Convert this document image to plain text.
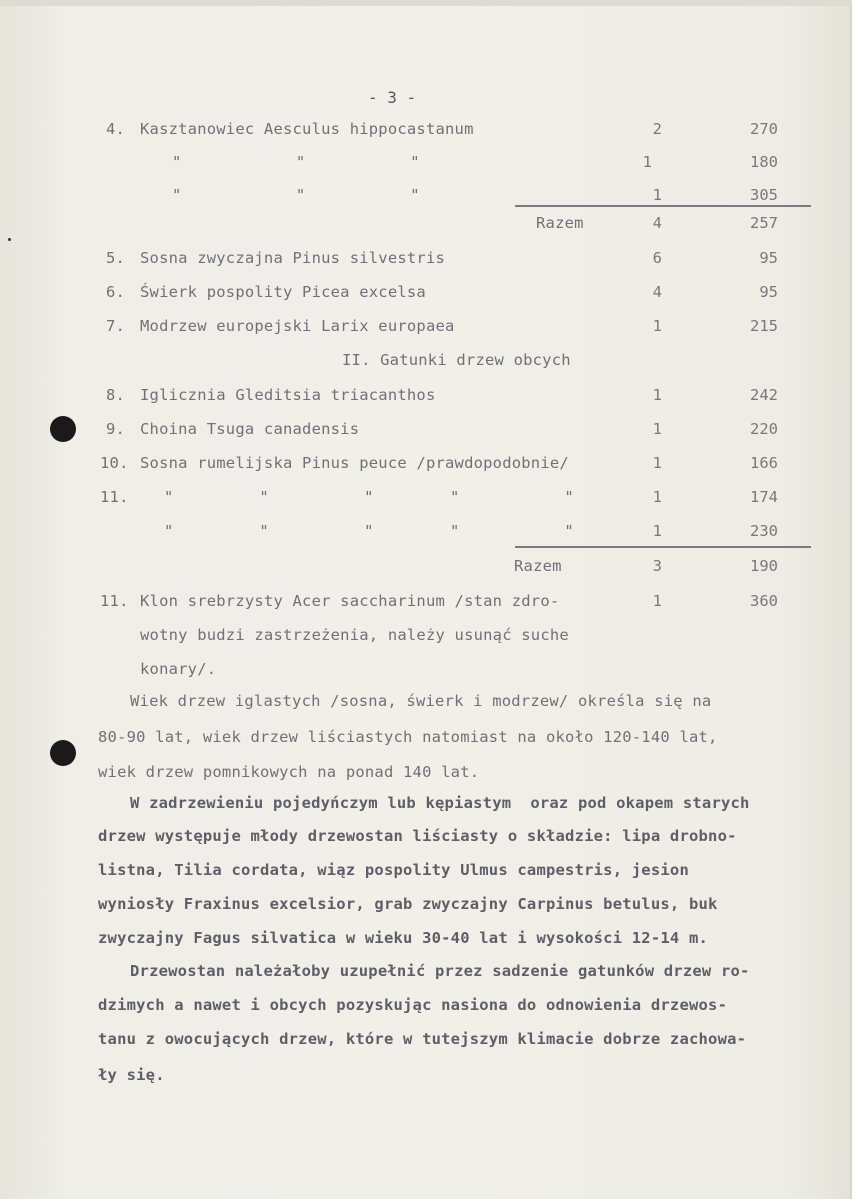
- 3 -
4. Kasztanowiec Aesculus hippocastanum	2	270
"            "           "	1	180
"            "           "	1	305
Razem	4	257
5. Sosna zwyczajna Pinus silvestris	6	95
6. Świerk pospolity Picea excelsa	4	95
7. Modrzew europejski Larix europaea	1	215
II. Gatunki drzew obcych
8. Iglicznia Gleditsia triacanthos	1	242
9. Choina Tsuga canadensis	1	220
10. Sosna rumelijska Pinus peuce /prawdopodobnie/	1	166
11. "         "          "        "           "	1	174
"         "          "        "           "	1	230
Razem	3	190
11. Klon srebrzysty Acer saccharinum /stan zdro-	1	360
wotny budzi zastrzeżenia, należy usunąć suche
konary/.
Wiek drzew iglastych /sosna, świerk i modrzew/ określa się na
80-90 lat, wiek drzew liściastych natomiast na około 120-140 lat,
wiek drzew pomnikowych na ponad 140 lat.
W zadrzewieniu pojedyńczym lub kępiastym  oraz pod okapem starych
drzew występuje młody drzewostan liściasty o składzie: lipa drobno-
listna, Tilia cordata, wiąz pospolity Ulmus campestris, jesion
wyniosły Fraxinus excelsior, grab zwyczajny Carpinus betulus, buk
zwyczajny Fagus silvatica w wieku 30-40 lat i wysokości 12-14 m.
Drzewostan należałoby uzupełnić przez sadzenie gatunków drzew ro-
dzimych a nawet i obcych pozyskując nasiona do odnowienia drzewos-
tanu z owocujących drzew, które w tutejszym klimacie dobrze zachowa-
ły się.
